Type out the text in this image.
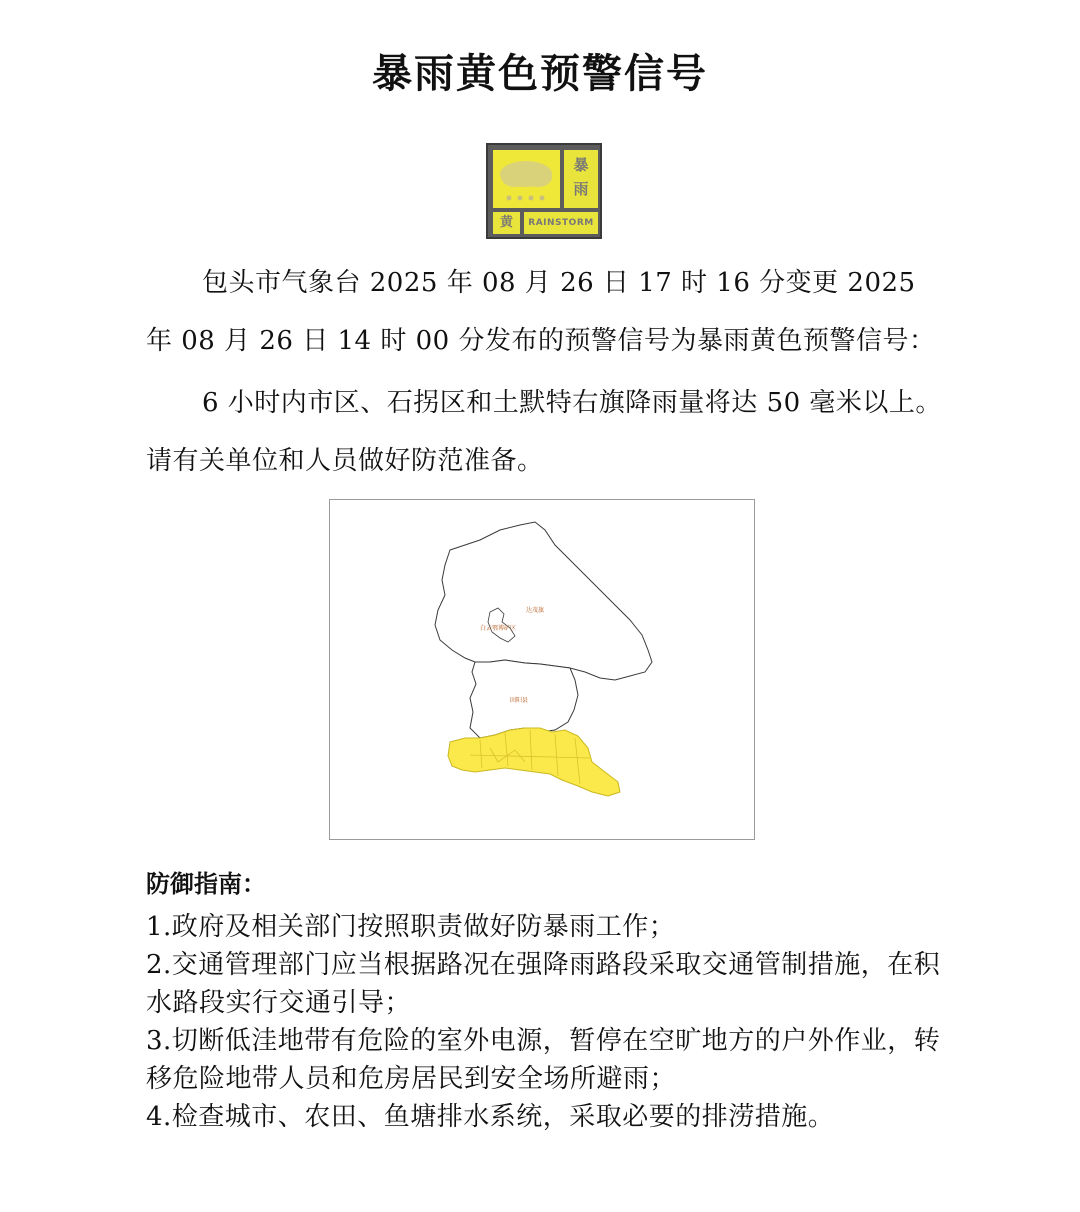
暴雨黄色预警信号
暴
雨
黄	RAINSTORM
包头市气象台 2025 年 08 月 26 日 17 时 16 分变更 2025 年 08 月 26 日 14 时 00 分发布的预警信号为暴雨黄色预警信号：
6 小时内市区、石拐区和土默特右旗降雨量将达 50 毫米以上。请有关单位和人员做好防范准备。
达茂旗
白云鄂博矿区
固阳县
防御指南：
1.政府及相关部门按照职责做好防暴雨工作；
2.交通管理部门应当根据路况在强降雨路段采取交通管制措施，在积水路段实行交通引导；
3.切断低洼地带有危险的室外电源，暂停在空旷地方的户外作业，转移危险地带人员和危房居民到安全场所避雨；
4.检查城市、农田、鱼塘排水系统，采取必要的排涝措施。
